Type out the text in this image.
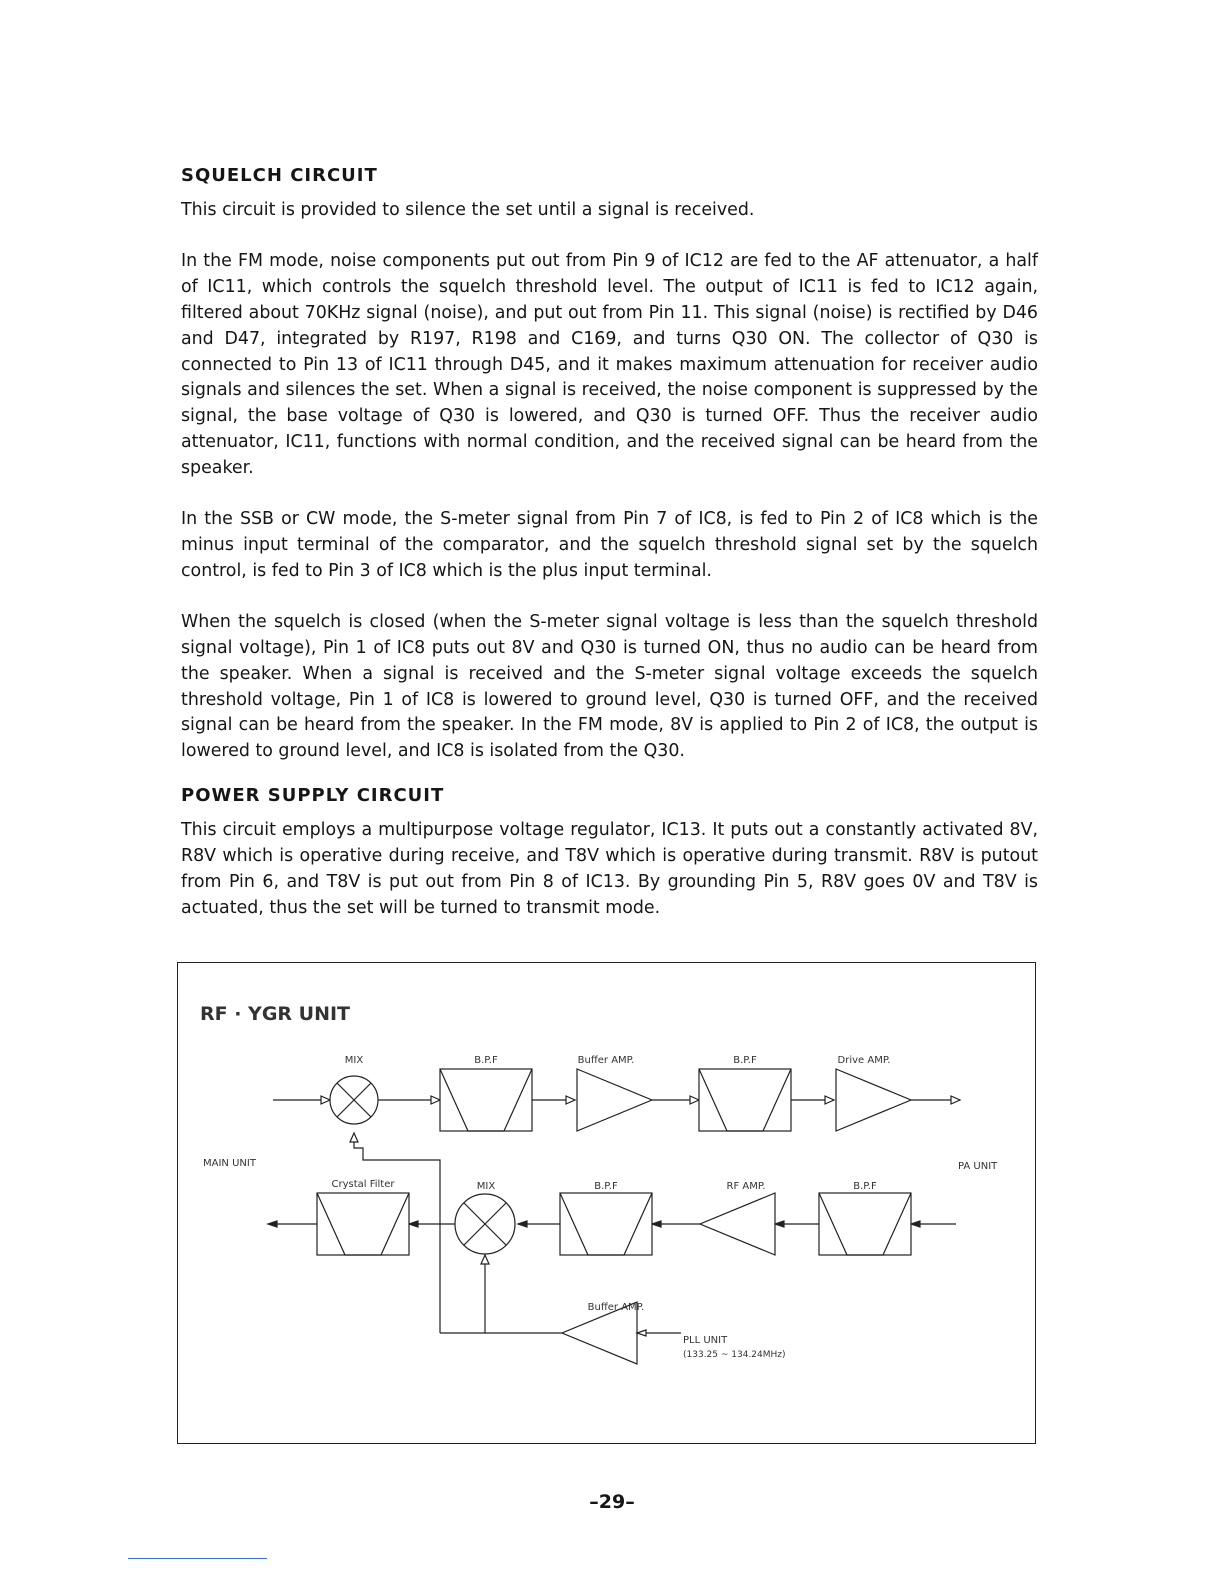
SQUELCH CIRCUIT

This circuit is provided to silence the set until a signal is received.

In the FM mode, noise components put out from Pin 9 of IC12 are fed to the AF attenuator, a half of IC11, which controls the squelch threshold level. The output of IC11 is fed to IC12 again, filtered about 70KHz signal (noise), and put out from Pin 11. This signal (noise) is rectified by D46 and D47, integrated by R197, R198 and C169, and turns Q30 ON. The collector of Q30 is connected to Pin 13 of IC11 through D45, and it makes maximum attenuation for receiver audio signals and silences the set. When a signal is received, the noise component is suppressed by the signal, the base voltage of Q30 is lowered, and Q30 is turned OFF. Thus the receiver audio attenuator, IC11, functions with normal condition, and the received signal can be heard from the speaker.

In the SSB or CW mode, the S-meter signal from Pin 7 of IC8, is fed to Pin 2 of IC8 which is the minus input terminal of the comparator, and the squelch threshold signal set by the squelch control, is fed to Pin 3 of IC8 which is the plus input terminal.

When the squelch is closed (when the S-meter signal voltage is less than the squelch threshold signal voltage), Pin 1 of IC8 puts out 8V and Q30 is turned ON, thus no audio can be heard from the speaker. When a signal is received and the S-meter signal voltage exceeds the squelch threshold voltage, Pin 1 of IC8 is lowered to ground level, Q30 is turned OFF, and the received signal can be heard from the speaker. In the FM mode, 8V is applied to Pin 2 of IC8, the output is lowered to ground level, and IC8 is isolated from the Q30.

POWER SUPPLY CIRCUIT

This circuit employs a multipurpose voltage regulator, IC13. It puts out a constantly activated 8V, R8V which is operative during receive, and T8V which is operative during transmit. R8V is putout from Pin 6, and T8V is put out from Pin 8 of IC13. By grounding Pin 5, R8V goes 0V and T8V is actuated, thus the set will be turned to transmit mode.

RF · YGR UNIT
MIX	B.P.F	Buffer AMP.	B.P.F	Drive AMP.
MAIN UNIT	PA UNIT
B.P.F
RF AMP.
B.P.F
MIX
Crystal Filter
Buffer AMP.
PLL UNIT
(133.25 ~ 134.24MHz)
–29–
